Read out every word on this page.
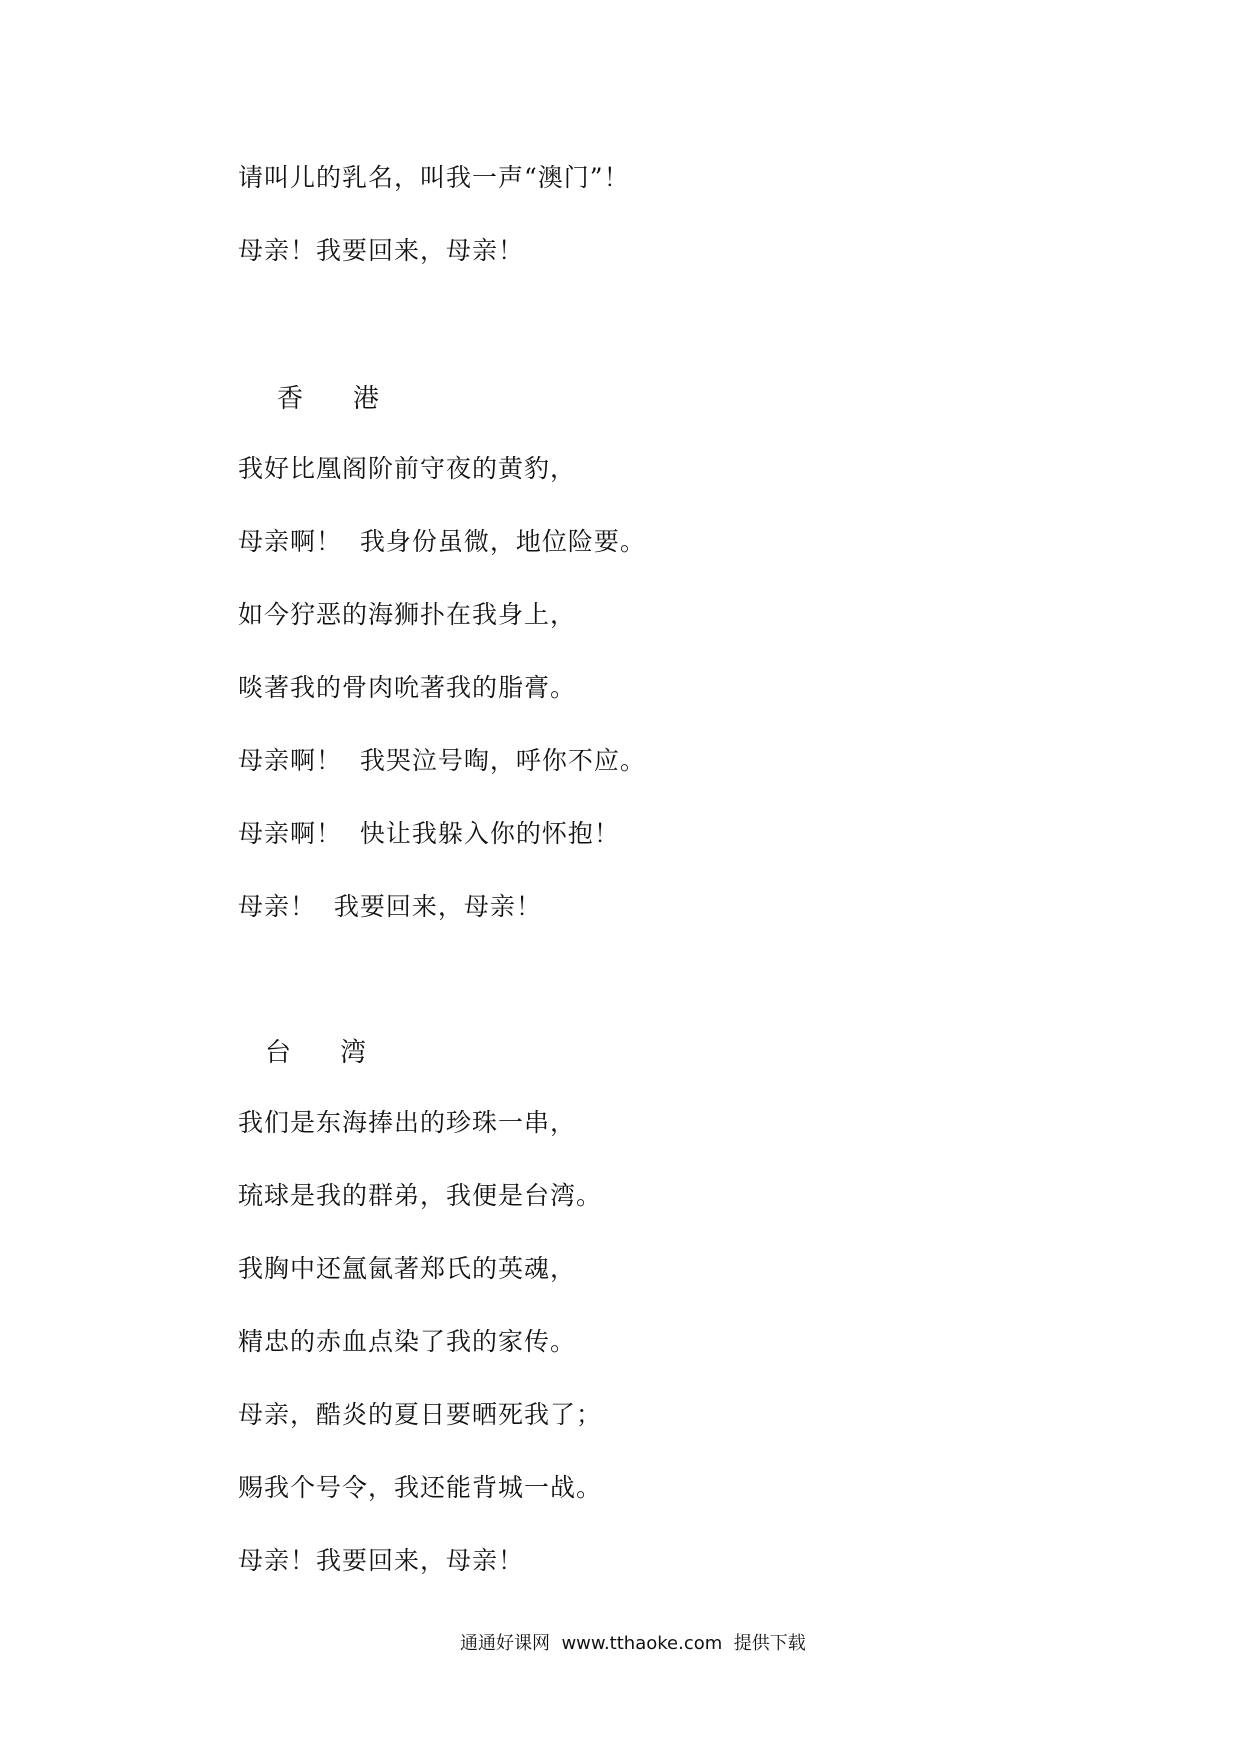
请叫儿的乳名，叫我一声“澳门”！
母亲！我要回来，母亲！
香 港
我好比凰阁阶前守夜的黄豹，
母亲啊！  我身份虽微，地位险要。
如今狞恶的海狮扑在我身上，
啖著我的骨肉吮著我的脂膏。
母亲啊！  我哭泣号啕，呼你不应。
母亲啊！  快让我躲入你的怀抱！
母亲！  我要回来，母亲！
台 湾
我们是东海捧出的珍珠一串，
琉球是我的群弟，我便是台湾。
我胸中还氲氤著郑氏的英魂，
精忠的赤血点染了我的家传。
母亲，酷炎的夏日要晒死我了；
赐我个号令，我还能背城一战。
母亲！我要回来，母亲！
通通好课网  www.tthaoke.com  提供下载
